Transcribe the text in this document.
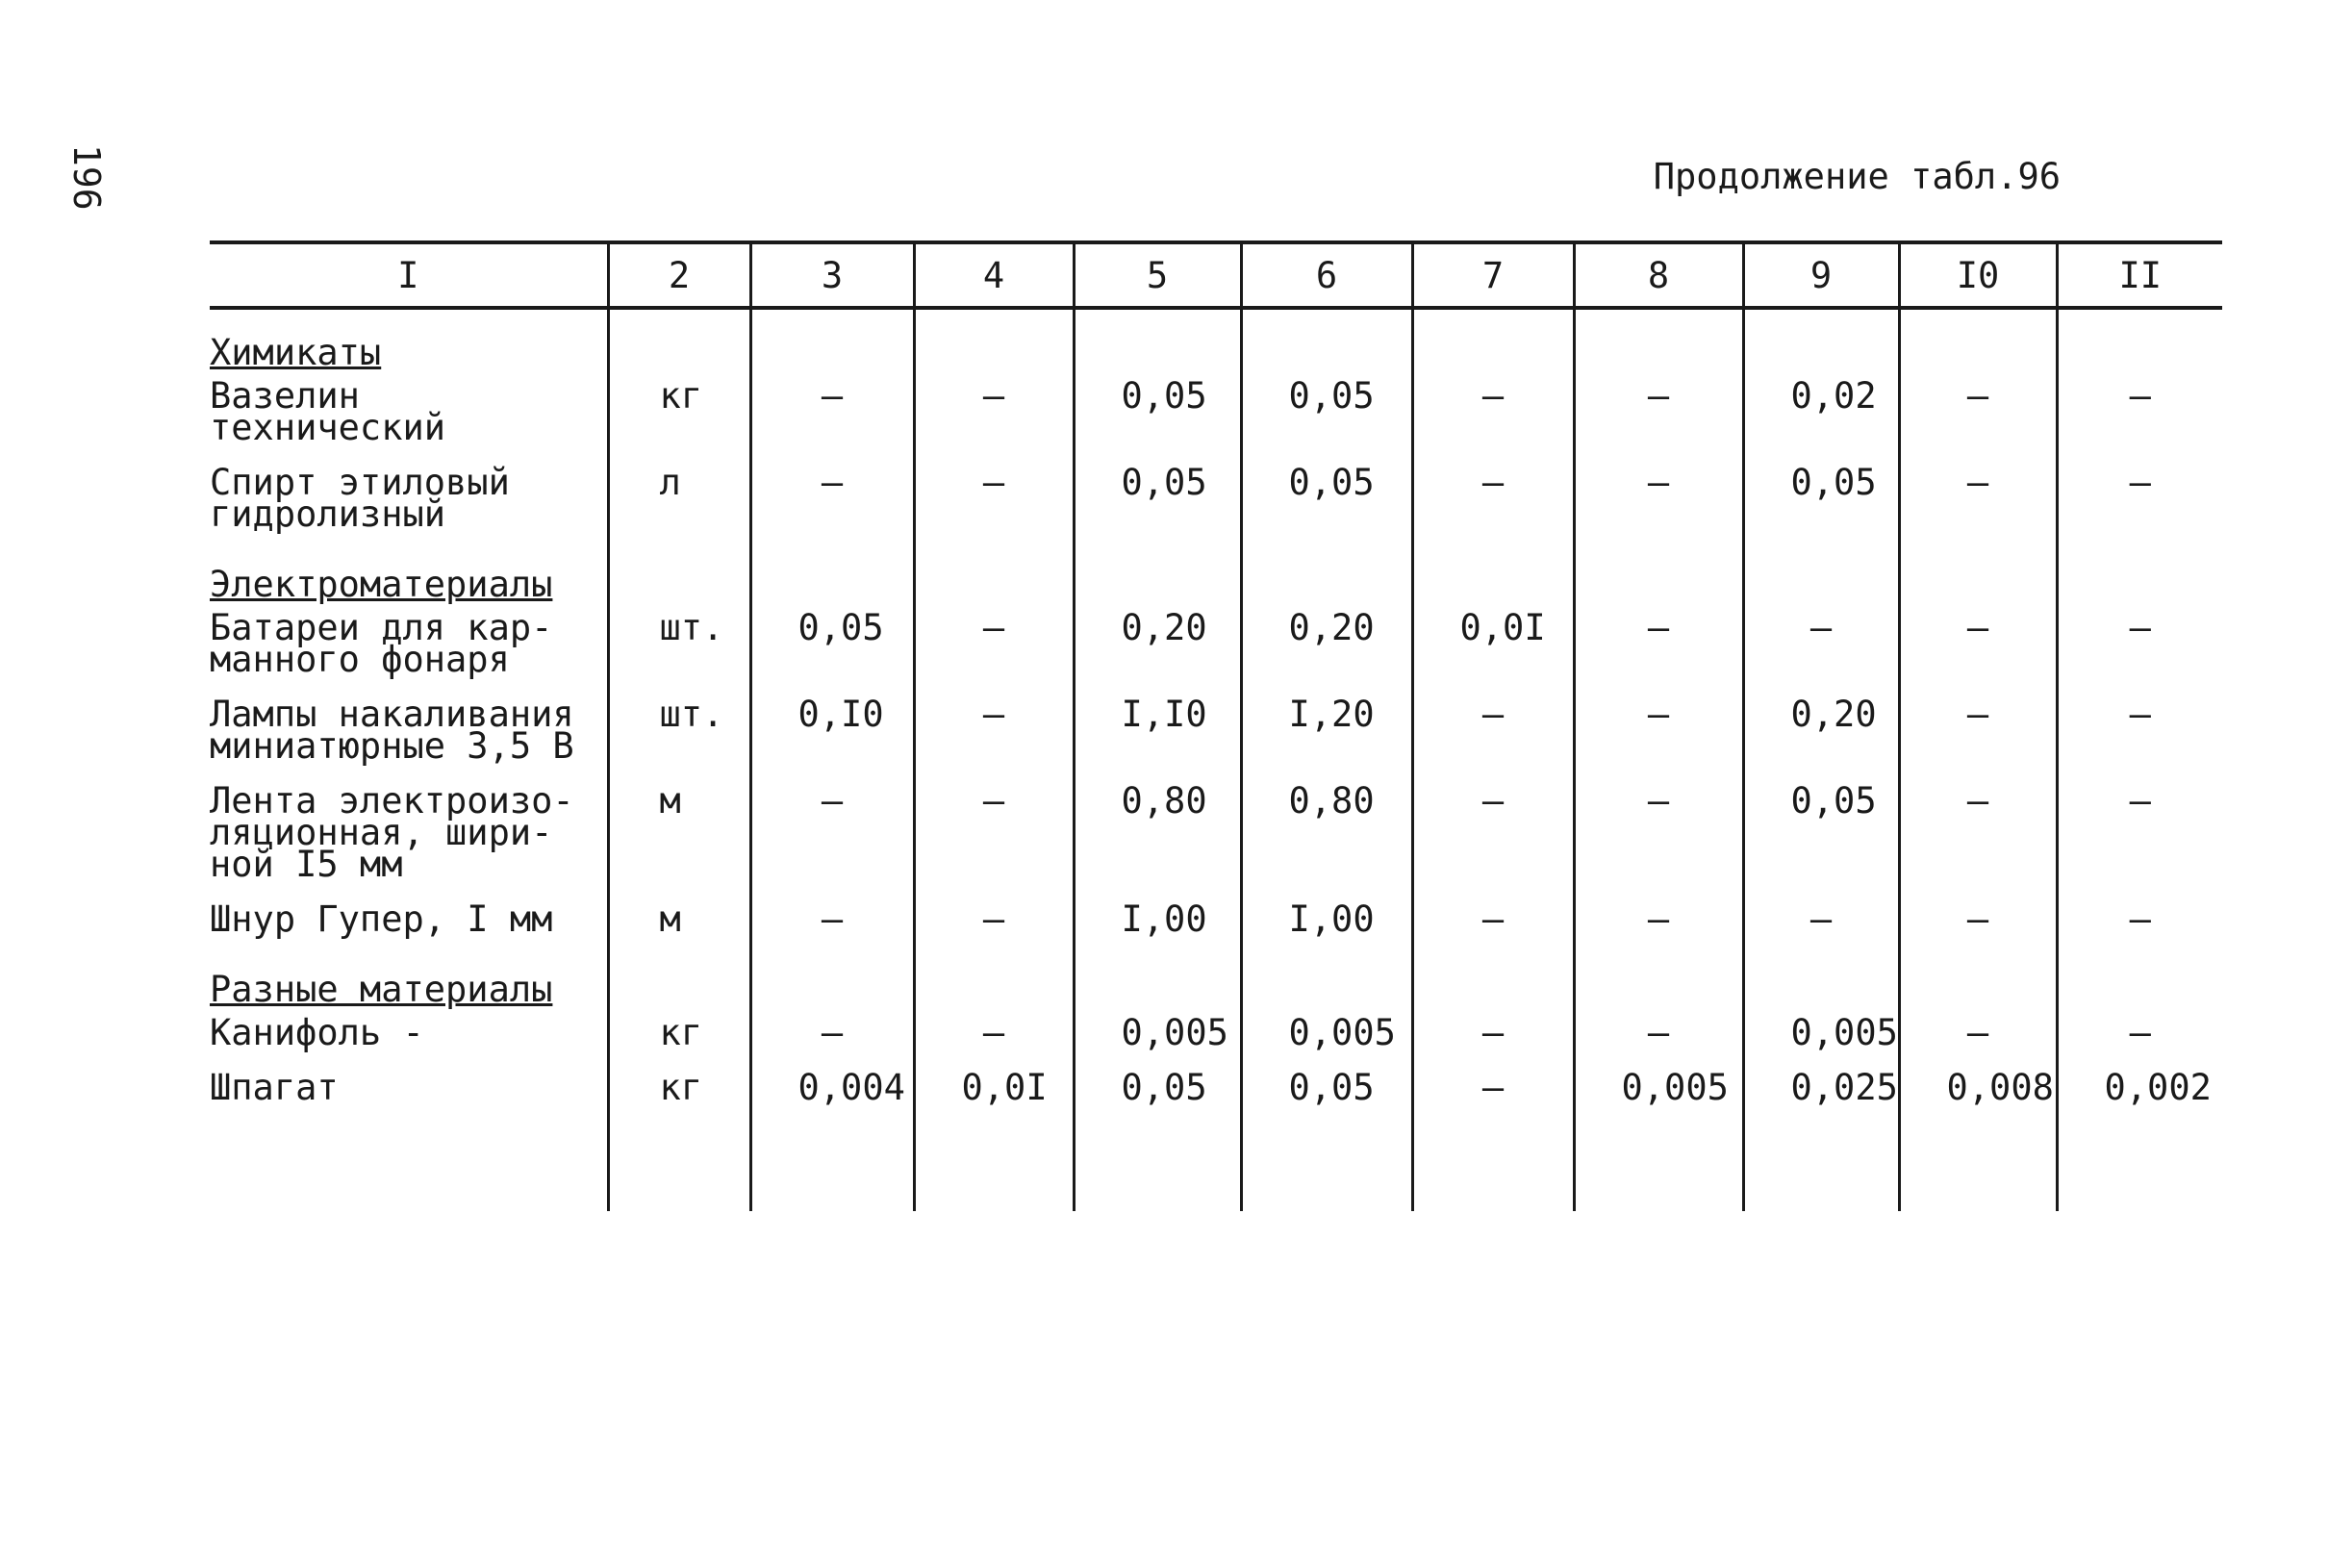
196	Продолжение табл.96
I	2	3	4	5	6	7	8	9	I0	II
Химикаты										
Вазелин технический	кг	–	–	0,05	0,05	–	–	0,02	–	–
Спирт этиловый
гидролизный	л	–	–	0,05	0,05	–	–	0,05	–	–
Электроматериалы										
Батареи для кар-
манного фонаря	шт.	0,05	–	0,20	0,20	0,0I	–	–	–	–
Лампы накаливания
миниатюрные 3,5 В	шт.	0,I0	–	I,I0	I,20	–	–	0,20	–	–
Лента электроизо-
ляционная, шири-
ной I5 мм	м	–	–	0,80	0,80	–	–	0,05	–	–
Шнур Гупер, I мм	м	–	–	I,00	I,00	–	–	–	–	–
Разные материалы										
Канифоль -	кг	–	–	0,005	0,005	–	–	0,005	–	–
Шпагат	кг	0,004	0,0I	0,05	0,05	–	0,005	0,025	0,008	0,002
